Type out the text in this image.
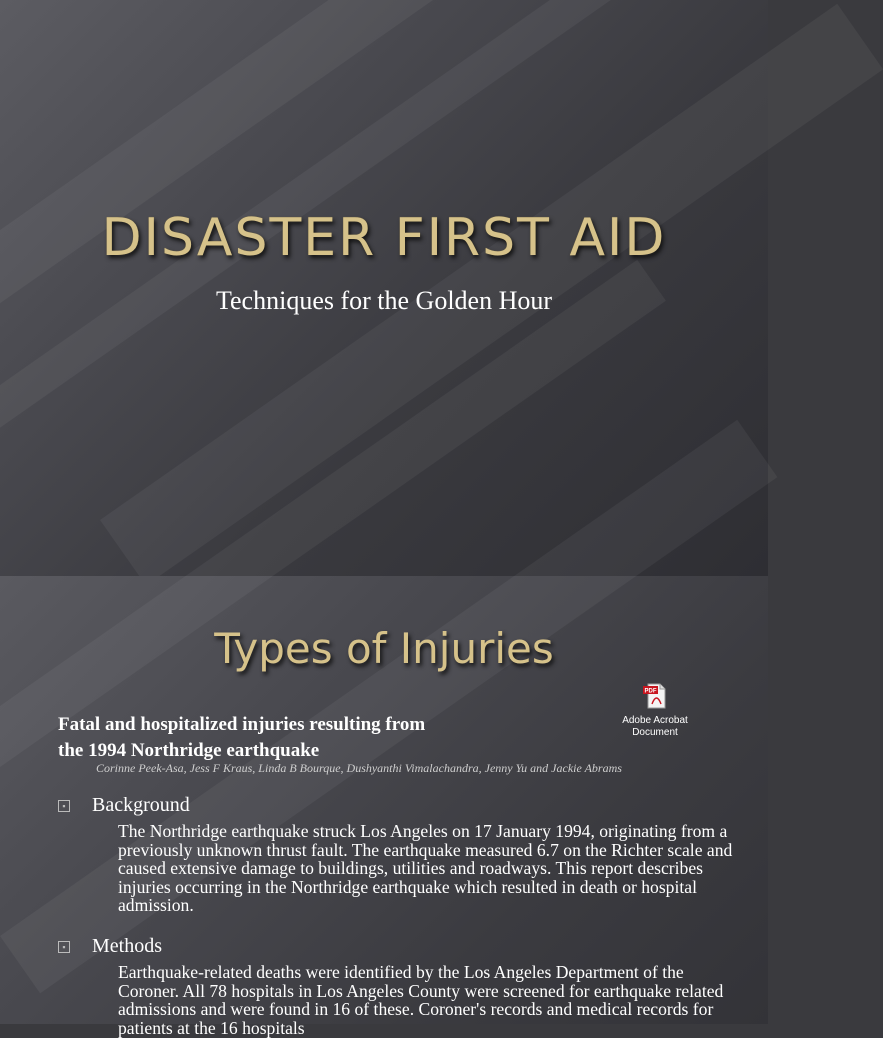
DISASTER FIRST AID
Techniques for the Golden Hour
Types of Injuries
PDF
Adobe Acrobat
Document
Fatal and hospitalized injuries resulting from
the 1994 Northridge earthquake
Corinne Peek-Asa, Jess F Kraus, Linda B Bourque, Dushyanthi Vimalachandra, Jenny Yu and Jackie Abrams
▪ Background
The Northridge earthquake struck Los Angeles on 17 January 1994, originating from a previously unknown thrust fault. The earthquake measured 6.7 on the Richter scale and caused extensive damage to buildings, utilities and roadways. This report describes injuries occurring in the Northridge earthquake which resulted in death or hospital admission.
▪ Methods
Earthquake-related deaths were identified by the Los Angeles Department of the Coroner. All 78 hospitals in Los Angeles County were screened for earthquake related admissions and were found in 16 of these. Coroner's records and medical records for patients at the 16 hospitals
